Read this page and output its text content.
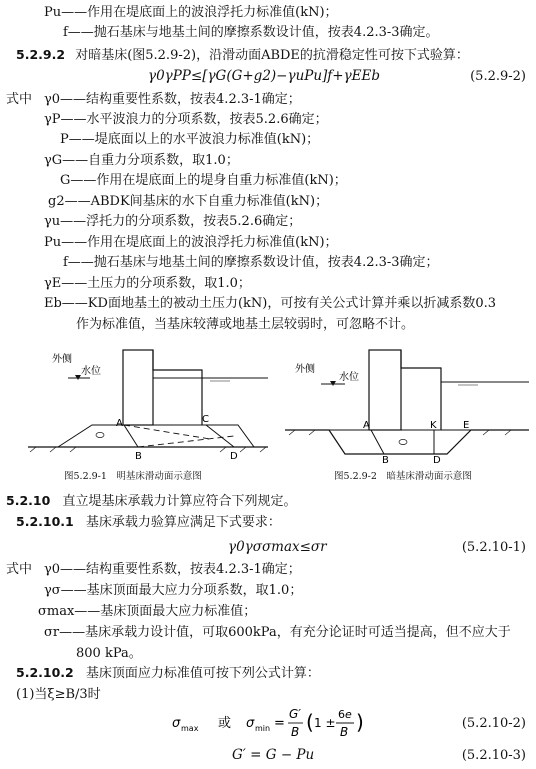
Pu——作用在堤底面上的波浪浮托力标准值(kN)；
f——抛石基床与地基土间的摩擦系数设计值，按表4.2.3-3确定。
5.2.9.2 对暗基床(图5.2.9-2)，沿滑动面ABDE的抗滑稳定性可按下式验算：
γ0γPP≤[γG(G+g2)−γuPu]f+γEEb	(5.2.9-2)
式中 γ0——结构重要性系数，按表4.2.3-1确定；
γP——水平波浪力的分项系数，按表5.2.6确定；
P——堤底面以上的水平波浪力标准值(kN)；
γG——自重力分项系数，取1.0；
G——作用在堤底面上的堤身自重力标准值(kN)；
g2——ABDK间基床的水下自重力标准值(kN)；
γu——浮托力的分项系数，按表5.2.6确定；
Pu——作用在堤底面上的波浪浮托力标准值(kN)；
f——抛石基床与地基土间的摩擦系数设计值，按表4.2.3-3确定；
γE——土压力的分项系数，取1.0；
Eb——KD面地基土的被动土压力(kN)，可按有关公式计算并乘以折减系数0.3
作为标准值，当基床较薄或地基土层较弱时，可忽略不计。
外侧
水位
A
B
C
D
图5.2.9-1　明基床滑动面示意图
外侧
水位
A
B
K	E
D
图5.2.9-2　暗基床滑动面示意图
5.2.10 直立堤基床承载力计算应符合下列规定。
5.2.10.1 基床承载力验算应满足下式要求：
γ0γσσmax≤σr	(5.2.10-1)
式中 γ0——结构重要性系数，按表4.2.3-1确定；
γσ——基床顶面最大应力分项系数，取1.0；
σmax——基床顶面最大应力标准值；
σr——基床承载力设计值，可取600kPa，有充分论证时可适当提高，但不应大于
800 kPa。
5.2.10.2 基床顶面应力标准值可按下列公式计算：
(1)当ξ≥B/3时
σ max 或 σ min =
G′
B ( 1 ±
6e
B )	(5.2.10-2)
G′ = G − Pu	(5.2.10-3)
